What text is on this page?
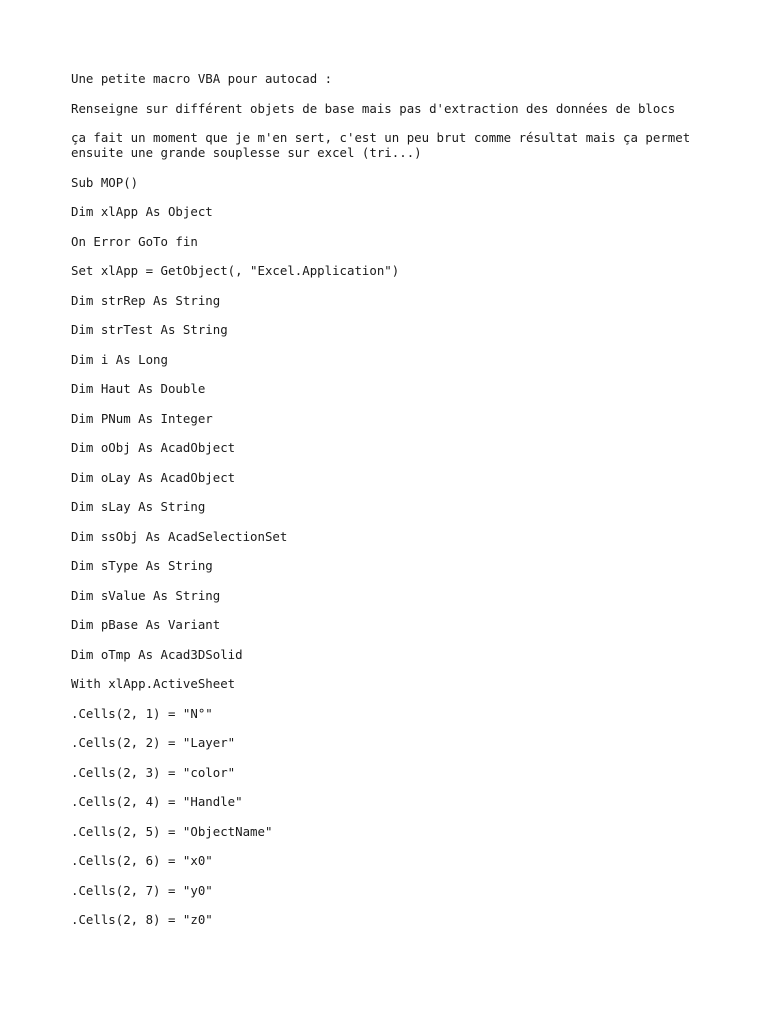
Une petite macro VBA pour autocad :

Renseigne sur différent objets de base mais pas d'extraction des données de blocs

ça fait un moment que je m'en sert, c'est un peu brut comme résultat mais ça permet ensuite une grande souplesse sur excel (tri...)

Sub MOP()

Dim xlApp As Object

On Error GoTo fin

Set xlApp = GetObject(, "Excel.Application")

Dim strRep As String

Dim strTest As String

Dim i As Long

Dim Haut As Double

Dim PNum As Integer

Dim oObj As AcadObject

Dim oLay As AcadObject

Dim sLay As String

Dim ssObj As AcadSelectionSet

Dim sType As String

Dim sValue As String

Dim pBase As Variant

Dim oTmp As Acad3DSolid

With xlApp.ActiveSheet

.Cells(2, 1) = "N°"

.Cells(2, 2) = "Layer"

.Cells(2, 3) = "color"

.Cells(2, 4) = "Handle"

.Cells(2, 5) = "ObjectName"

.Cells(2, 6) = "x0"

.Cells(2, 7) = "y0"

.Cells(2, 8) = "z0"
